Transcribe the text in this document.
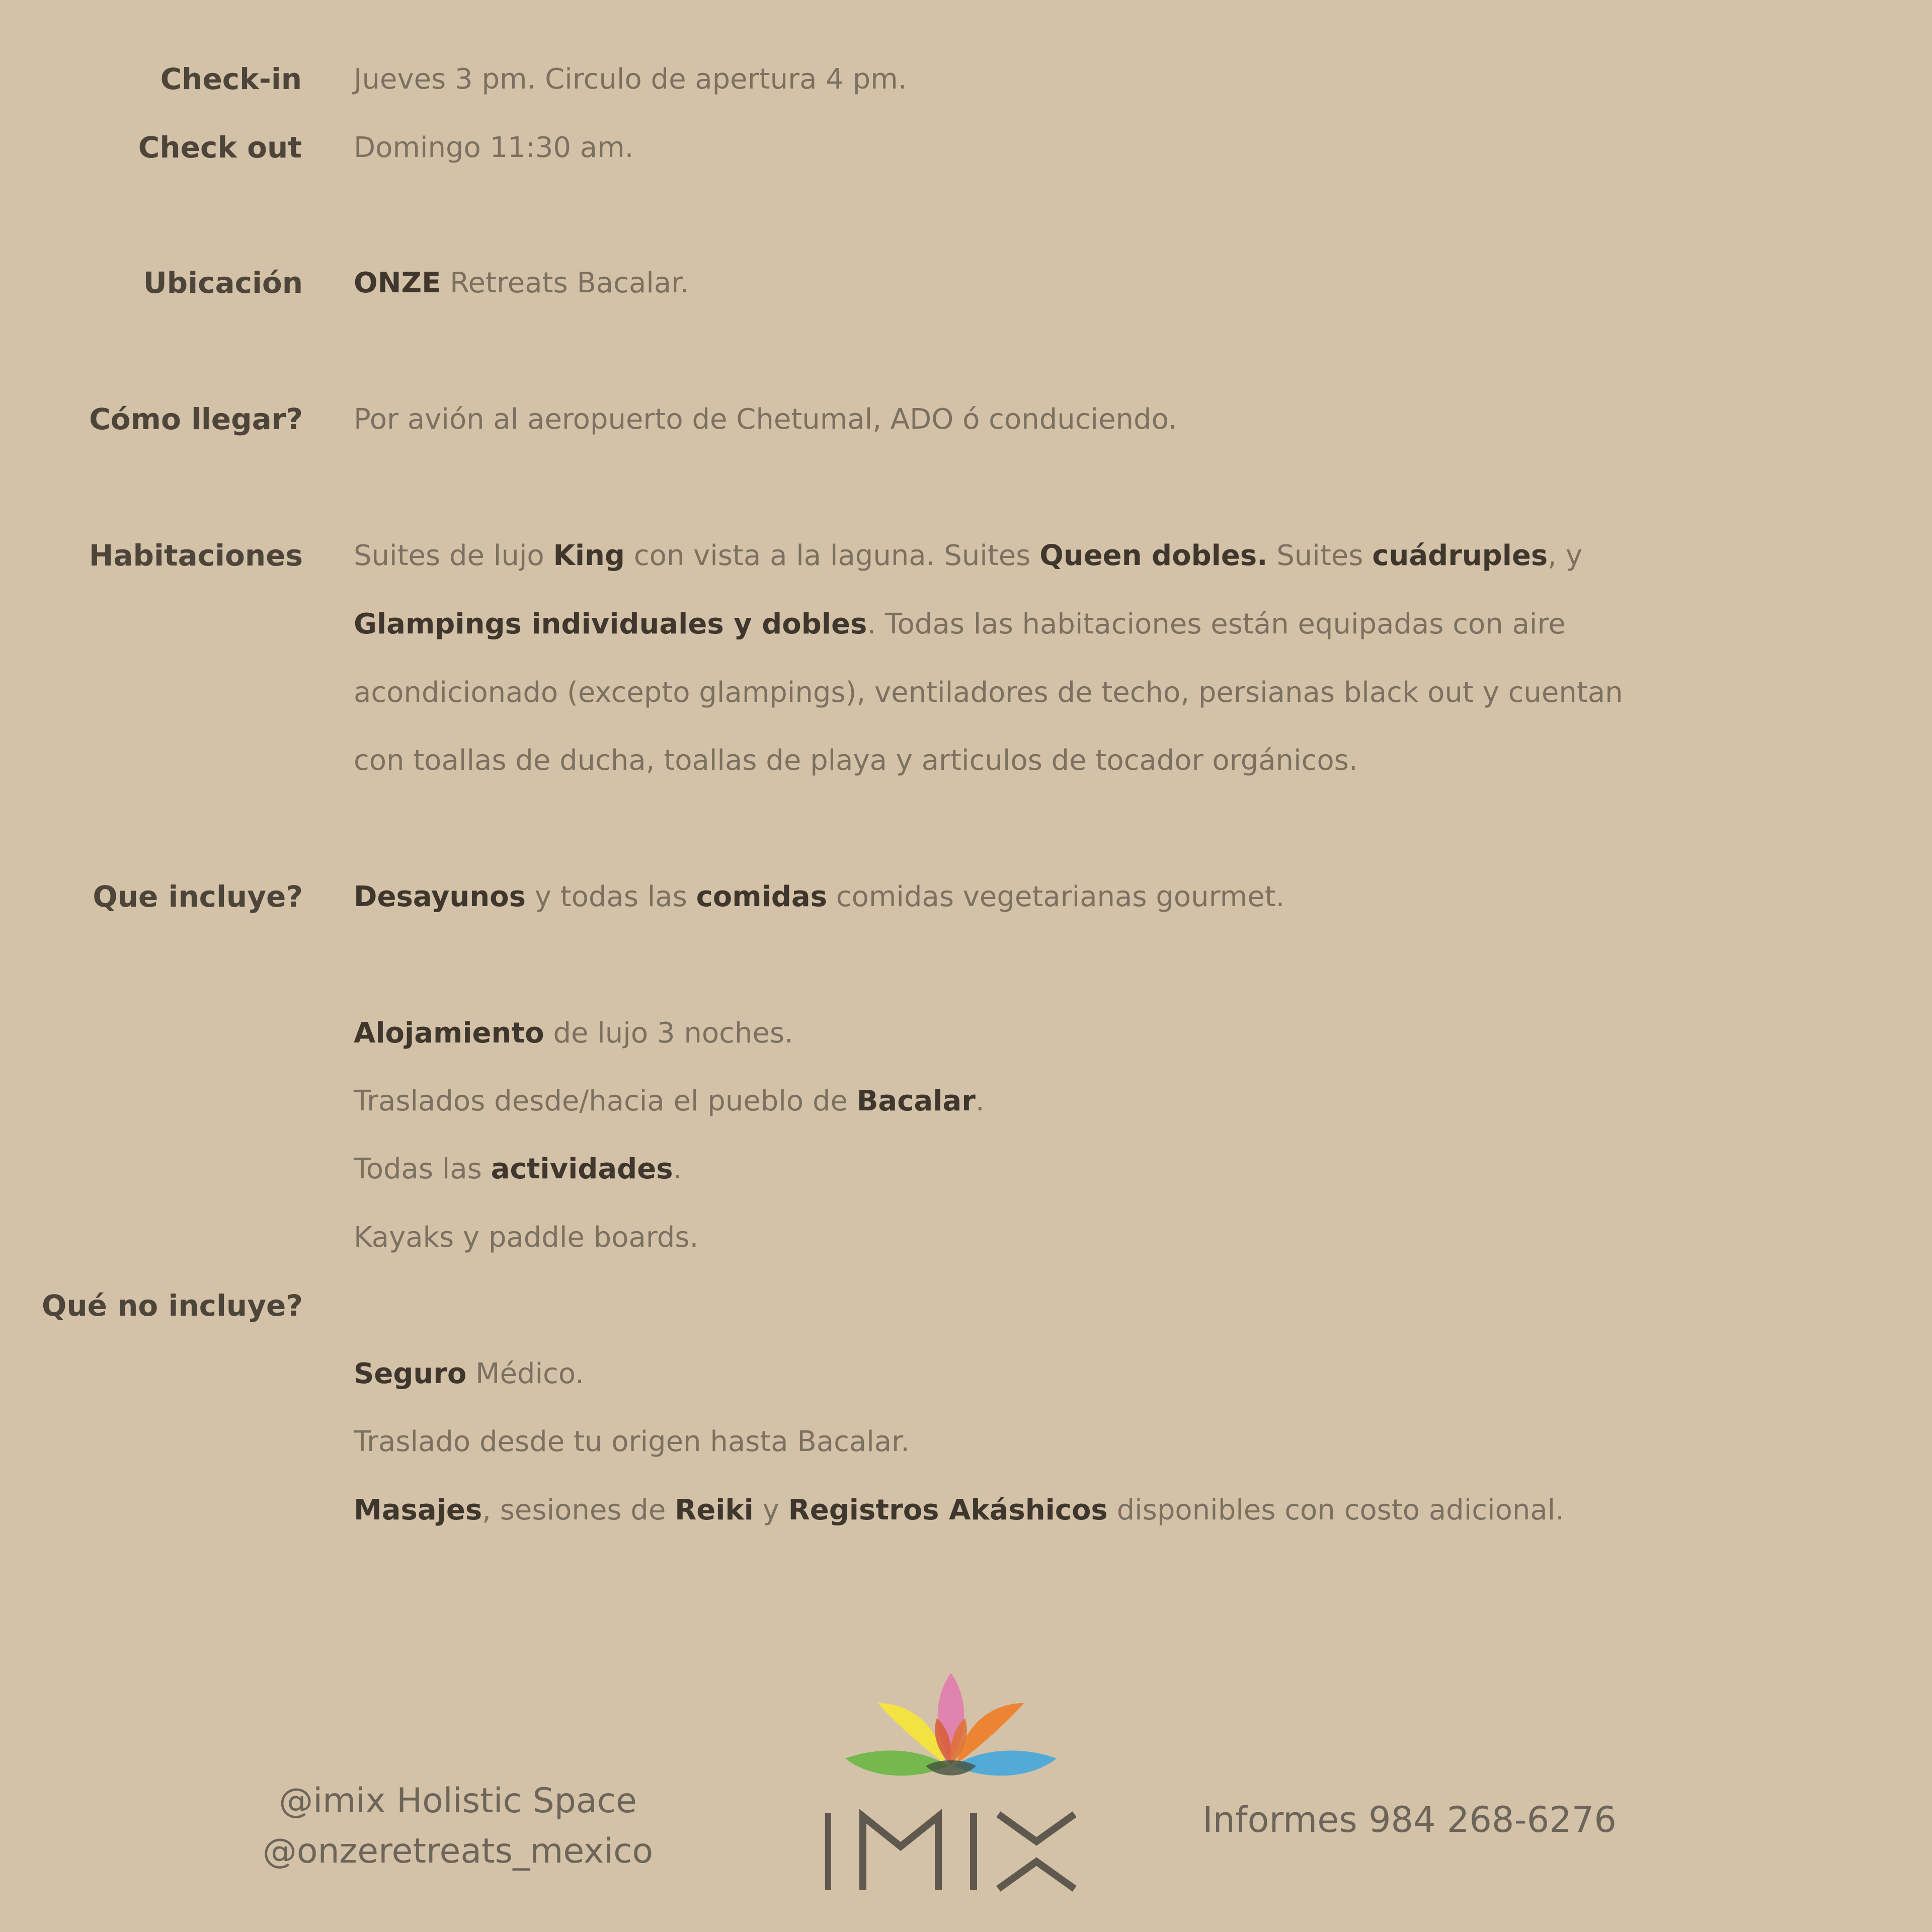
Check-in Jueves 3 pm. Circulo de apertura 4 pm.
Check out Domingo 11:30 am.
Ubicación ONZE Retreats Bacalar.
Cómo llegar? Por avión al aeropuerto de Chetumal, ADO ó conduciendo.
Habitaciones Suites de lujo King con vista a la laguna. Suites Queen dobles. Suites cuádruples, y
Glampings individuales y dobles. Todas las habitaciones están equipadas con aire
acondicionado (excepto glampings), ventiladores de techo, persianas black out y cuentan
con toallas de ducha, toallas de playa y articulos de tocador orgánicos.
Que incluye? Desayunos y todas las comidas comidas vegetarianas gourmet.
Alojamiento de lujo 3 noches.
Traslados desde/hacia el pueblo de Bacalar.
Todas las actividades.
Kayaks y paddle boards.
Qué no incluye?
Seguro Médico.
Traslado desde tu origen hasta Bacalar.
Masajes, sesiones de Reiki y Registros Akáshicos disponibles con costo adicional.
@imix Holistic Space
@onzeretreats_mexico
Informes 984 268-6276
